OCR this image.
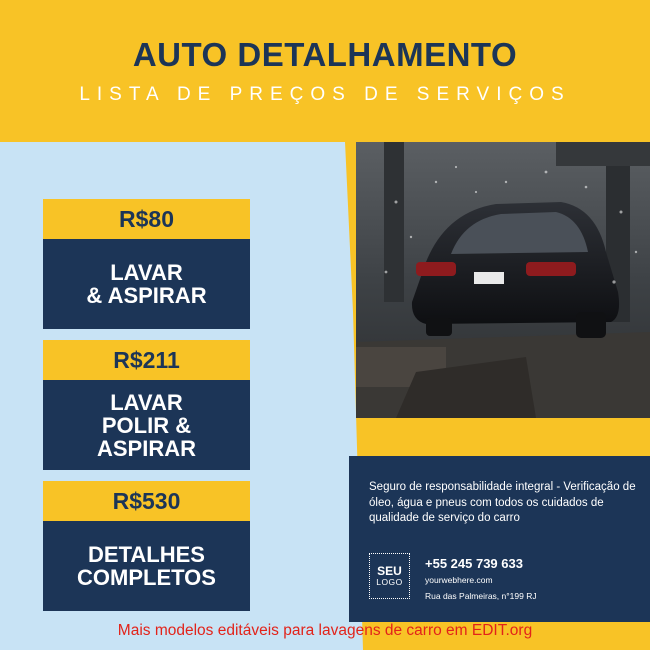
AUTO DETALHAMENTO
LISTA DE PREÇOS DE SERVIÇOS
R$80
LAVAR
& ASPIRAR
R$211
LAVAR
POLIR &
ASPIRAR
R$530
DETALHES
COMPLETOS
Seguro de responsabilidade integral - Verificação de óleo, água e pneus com todos os cuidados de qualidade de serviço do carro
SEU
LOGO
+55 245 739 633
yourwebhere.com
Rua das Palmeiras, n°199 RJ
Mais modelos editáveis para lavagens de carro em EDIT.org
